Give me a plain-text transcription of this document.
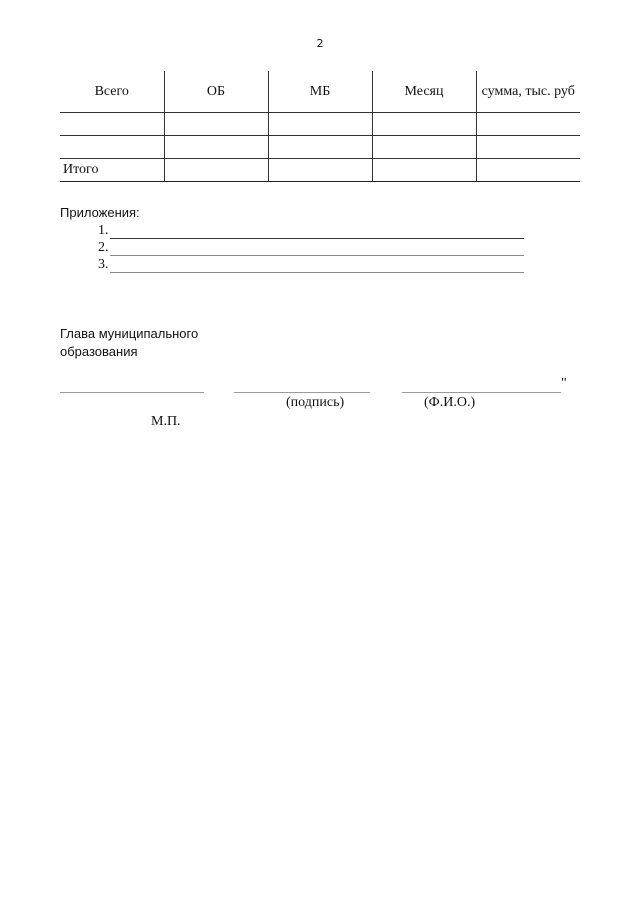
2
Всего	ОБ	МБ	Месяц	сумма, тыс. руб

Итого				
Приложения:
1.
2.
3.
Глава муниципального
образования
"
(подпись)	(Ф.И.О.)
М.П.
